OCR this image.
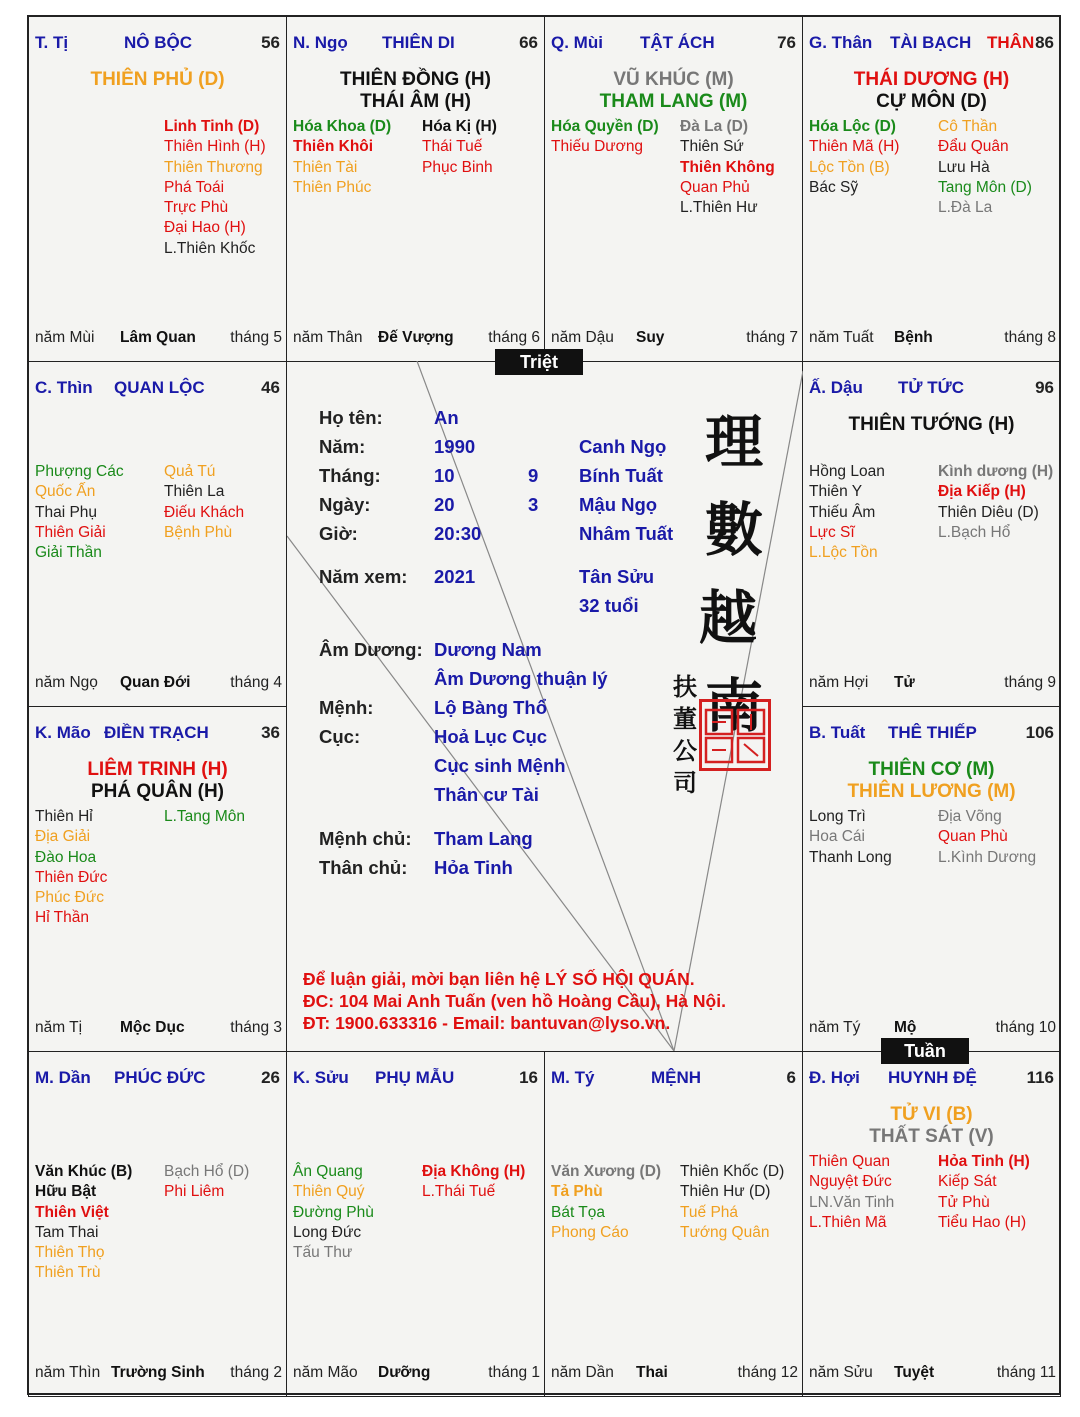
T. Tị	NÔ BỘC	56
THIÊN PHỦ (D)
Linh Tinh (D)
Thiên Hình (H)
Thiên Thương
Phá Toái
Trực Phù
Đại Hao (H)
L.Thiên Khốc
năm Mùi Lâm Quan tháng 5
N. Ngọ THIÊN DI	66
THIÊN ĐỒNG (H)
THÁI ÂM (H)
Hóa Khoa (D)
Thiên Khôi
Thiên Tài
Thiên Phúc
Hóa Kị (H)
Thái Tuế
Phục Binh
năm Thân Đế Vượng tháng 6
Q. Mùi TẬT ÁCH	76
VŨ KHÚC (M)
THAM LANG (M)
Hóa Quyền (D)
Thiếu Dương
Đà La (D)
Thiên Sứ
Thiên Không
Quan Phủ
L.Thiên Hư
năm Dậu Suy	tháng 7
G. Thân TÀI BẠCH THÂN 86
THÁI DƯƠNG (H)
CỰ MÔN (D)
Hóa Lộc (D)
Thiên Mã (H)
Lộc Tồn (B)
Bác Sỹ
Cô Thần
Đẩu Quân
Lưu Hà
Tang Môn (D)
L.Đà La
năm Tuất Bệnh	tháng 8
C. Thìn QUAN LỘC	46
Phượng Các
Quốc Ấn
Thai Phụ
Thiên Giải
Giải Thần
Quả Tú
Thiên La
Điếu Khách
Bệnh Phù
năm Ngọ Quan Đới	tháng 4
Ấ. Dậu TỬ TỨC	96
THIÊN TƯỚNG (H)
Hồng Loan
Thiên Y
Thiếu Âm
Lực Sĩ
L.Lộc Tồn
Kình dương (H)
Địa Kiếp (H)
Thiên Diêu (D)
L.Bạch Hổ
năm Hợi Tử	tháng 9
K. Mão ĐIỀN TRẠCH	36
LIÊM TRINH (H)
PHÁ QUÂN (H)
Thiên Hỉ
Địa Giải
Đào Hoa
Thiên Đức
Phúc Đức
Hỉ Thần
L.Tang Môn
năm Tị Mộc Dục	tháng 3
B. Tuất THÊ THIẾP	106
THIÊN CƠ (M)
THIÊN LƯƠNG (M)
Long Trì
Hoa Cái
Thanh Long
Địa Võng
Quan Phù
L.Kình Dương
năm Tý Mộ	tháng 10
M. Dần PHÚC ĐỨC	26
Văn Khúc (B)
Hữu Bật
Thiên Việt
Tam Thai
Thiên Thọ
Thiên Trù
Bạch Hổ (D)
Phi Liêm
năm Thìn Trường Sinh tháng 2
K. Sửu PHỤ MẪU	16
Ân Quang
Thiên Quý
Đường Phù
Long Đức
Tấu Thư
Địa Không (H)
L.Thái Tuế
năm Mão Dưỡng	tháng 1
M. Tý	MỆNH	6
Văn Xương (D)
Tả Phù
Bát Tọa
Phong Cáo
Thiên Khốc (D)
Thiên Hư (D)
Tuế Phá
Tướng Quân
năm Dần Thai	tháng 12
Đ. Hợi HUYNH ĐỆ	116
TỬ VI (B)
THẤT SÁT (V)
Thiên Quan
Nguyệt Đức
LN.Văn Tinh
L.Thiên Mã
Hỏa Tinh (H)
Kiếp Sát
Tử Phù
Tiểu Hao (H)
năm Sửu Tuyệt	tháng 11
Họ tên:	An
Năm:	1990	Canh Ngọ
Tháng:	10	9 Bính Tuất
Ngày:	20	3 Mậu Ngọ
Giờ:	20:30	Nhâm Tuất
Năm xem: 2021	Tân Sửu
32 tuổi
Âm Dương: Dương Nam
Âm Dương thuận lý
Mệnh:	Lộ Bàng Thổ
Cục:	Hoả Lục Cục
Cục sinh Mệnh
Thân cư Tài
Mệnh chủ: Tham Lang
Thân chủ: Hỏa Tinh
理
數
越
南
扶
董
公
司
Để luận giải, mời bạn liên hệ LÝ SỐ HỘI QUÁN.
ĐC: 104 Mai Anh Tuấn (ven hồ Hoàng Cầu), Hà Nội.
ĐT: 1900.633316 - Email: bantuvan@lyso.vn.
Triệt
Tuần
